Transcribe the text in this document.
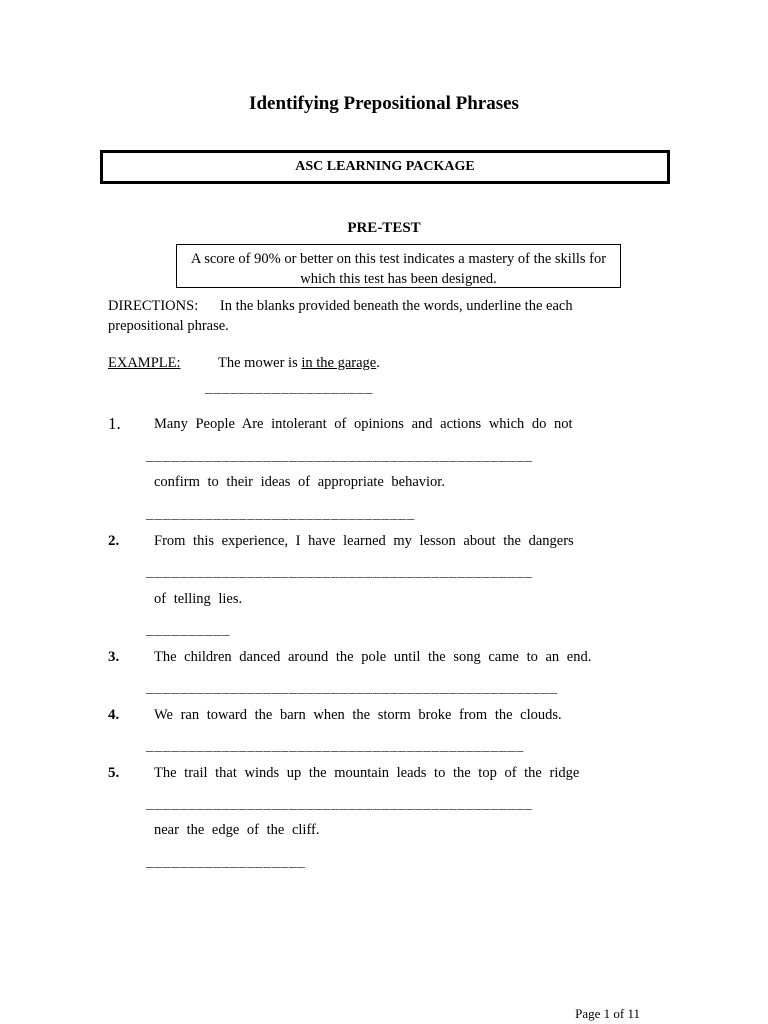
Identifying Prepositional Phrases
ASC LEARNING PACKAGE
PRE-TEST
A score of 90% or better on this test indicates a mastery of the skills for which this test has been designed.
DIRECTIONS: In the blanks provided beneath the words, underline the each prepositional phrase.
EXAMPLE:	The mower is in the garage.
____________________
1. Many People Are intolerant of opinions and actions which do not
______________________________________________
confirm to their ideas of appropriate behavior.
________________________________
2. From this experience, I have learned my lesson about the dangers
______________________________________________
of telling lies.
__________
3. The children danced around the pole until the song came to an end.
_________________________________________________
4. We ran toward the barn when the storm broke from the clouds.
_____________________________________________
5. The trail that winds up the mountain leads to the top of the ridge
______________________________________________
near the edge of the cliff.
___________________
Page 1 of 11
